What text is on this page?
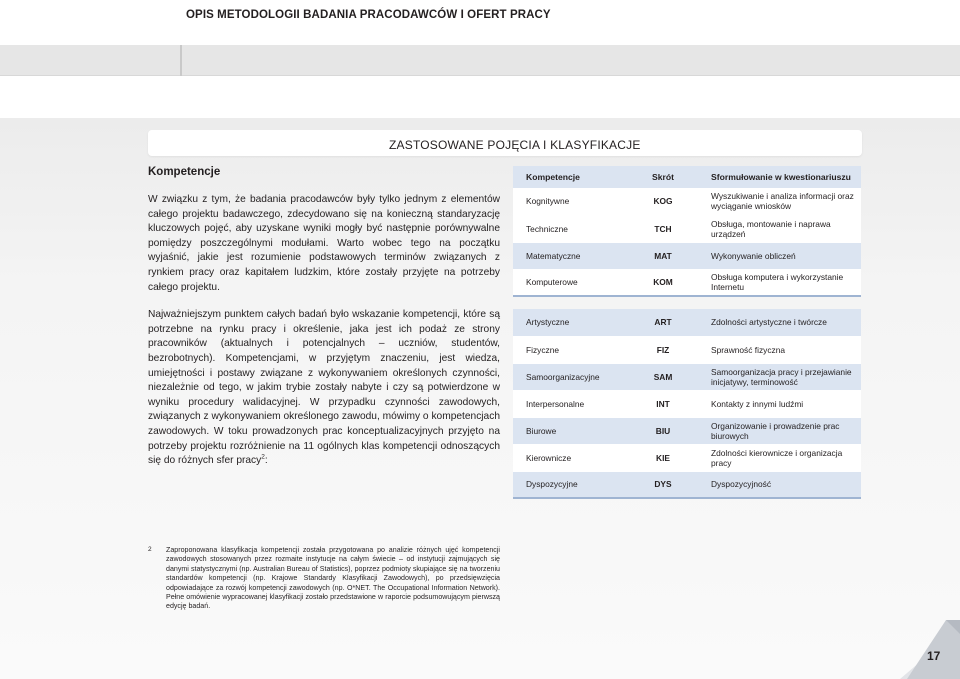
OPIS METODOLOGII BADANIA PRACODAWCÓW I OFERT PRACY
ZASTOSOWANE POJĘCIA I KLASYFIKACJE
Kompetencje

W związku z tym, że badania pracodawców były tylko jednym z elementów całego projektu badawczego, zdecydowano się na konieczną standaryzację kluczowych pojęć, aby uzyskane wyniki mogły być następnie porównywalne pomiędzy poszczególnymi modułami. Warto wobec tego na początku wyjaśnić, jakie jest rozumienie podstawowych terminów związanych z rynkiem pracy oraz kapitałem ludzkim, które zostały przyjęte na potrzeby całego projektu.

Najważniejszym punktem całych badań było wskazanie kompetencji, które są potrzebne na rynku pracy i określenie, jaka jest ich podaż ze strony pracowników (aktualnych i potencjalnych – uczniów, studentów, bezrobotnych). Kompetencjami, w przyjętym znaczeniu, jest wiedza, umiejętności i postawy związane z wykonywaniem określonych czynności, niezależnie od tego, w jakim trybie zostały nabyte i czy są potwierdzone w wyniku procedury walidacyjnej. W przypadku czynności zawodowych, związanych z wykonywaniem określonego zawodu, mówimy o kompetencjach zawodowych. W toku prowadzonych prac konceptualizacyjnych przyjęto na potrzeby projektu rozróżnienie na 11 ogólnych klas kompetencji odnoszących się do różnych sfer pracy$^2$:

Kompetencje	Skrót	Sformułowanie w kwestionariuszu
Kognitywne	KOG	Wyszukiwanie i analiza informacji oraz wyciąganie wniosków
Techniczne	TCH	Obsługa, montowanie i naprawa urządzeń
Matematyczne	MAT	Wykonywanie obliczeń
Komputerowe	KOM	Obsługa komputera i wykorzystanie Internetu

Artystyczne	ART	Zdolności artystyczne i twórcze
Fizyczne	FIZ	Sprawność fizyczna
Samoorganizacyjne	SAM	Samoorganizacja pracy i przejawianie inicjatywy, terminowość
Interpersonalne	INT	Kontakty z innymi ludźmi
Biurowe	BIU	Organizowanie i prowadzenie prac biurowych
Kierownicze	KIE	Zdolności kierownicze i organizacja pracy
Dyspozycyjne	DYS	Dyspozycyjność
2 Zaproponowana klasyfikacja kompetencji została przygotowana po analizie różnych ujęć kompetencji zawodowych stosowanych przez rozmaite instytucje na całym świecie – od instytucji zajmujących się danymi statystycznymi (np. Australian Bureau of Statistics), poprzez podmioty skupiające się na tworzeniu standardów kompetencji (np. Krajowe Standardy Klasyfikacji Zawodowych), po przedsięwzięcia odpowiadające za rozwój kompetencji zawodowych (np. O*NET. The Occupational Information Network). Pełne omówienie wypracowanej klasyfikacji zostało przedstawione w raporcie podsumowującym pierwszą edycję badań.
17
